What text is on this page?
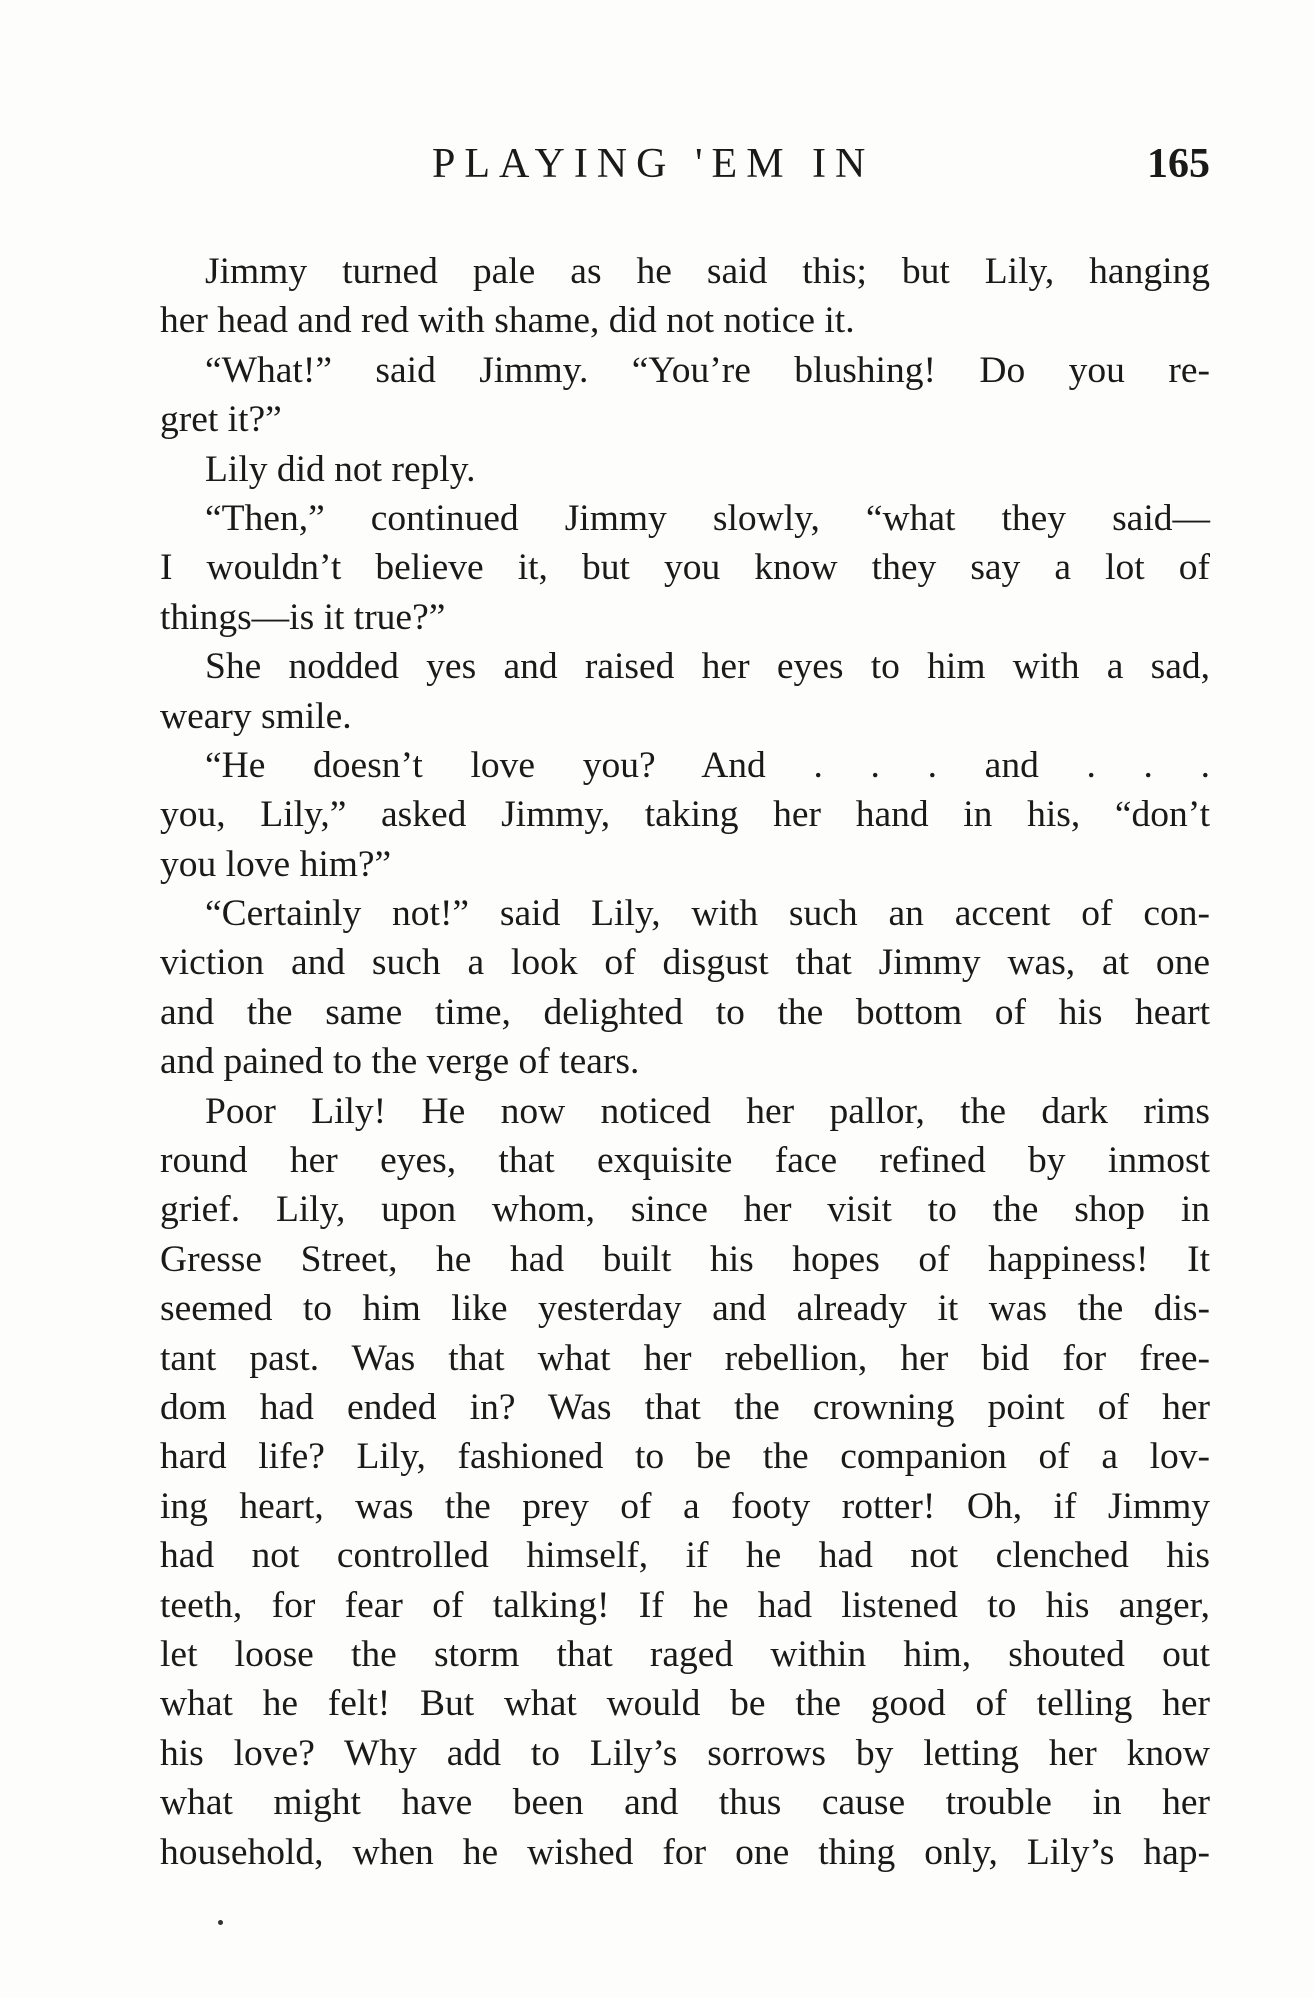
PLAYING 'EM IN	165
Jimmy turned pale as he said this; but Lily, hanging
her head and red with shame, did not notice it.
“What!” said Jimmy. “You’re blushing! Do you re-
gret it?”
Lily did not reply.
“Then,” continued Jimmy slowly, “what they said—
I wouldn’t believe it, but you know they say a lot of
things—is it true?”
She nodded yes and raised her eyes to him with a sad,
weary smile.
“He doesn’t love you? And . . . and . . .
you, Lily,” asked Jimmy, taking her hand in his, “don’t
you love him?”
“Certainly not!” said Lily, with such an accent of con-
viction and such a look of disgust that Jimmy was, at one
and the same time, delighted to the bottom of his heart
and pained to the verge of tears.
Poor Lily! He now noticed her pallor, the dark rims
round her eyes, that exquisite face refined by inmost
grief. Lily, upon whom, since her visit to the shop in
Gresse Street, he had built his hopes of happiness! It
seemed to him like yesterday and already it was the dis-
tant past. Was that what her rebellion, her bid for free-
dom had ended in? Was that the crowning point of her
hard life? Lily, fashioned to be the companion of a lov-
ing heart, was the prey of a footy rotter! Oh, if Jimmy
had not controlled himself, if he had not clenched his
teeth, for fear of talking! If he had listened to his anger,
let loose the storm that raged within him, shouted out
what he felt! But what would be the good of telling her
his love? Why add to Lily’s sorrows by letting her know
what might have been and thus cause trouble in her
household, when he wished for one thing only, Lily’s hap-
